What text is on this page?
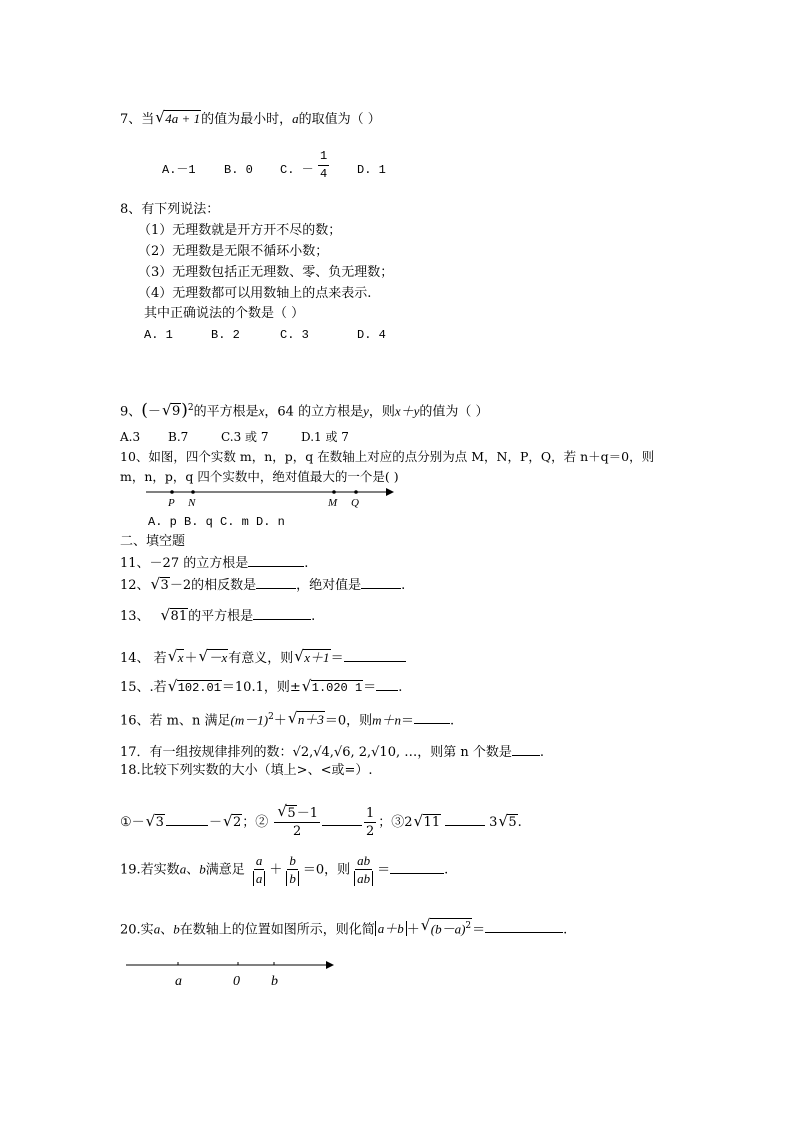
7、当√ 4a + 1的值为最小时，a的取值为（ ）
A.－1 B. 0 C. － $\frac{1}{4} D$. 1
8、有下列说法：
（1）无理数就是开方开不尽的数；
（2）无理数是无限不循环小数；
（3）无理数包括正无理数、零、负无理数；
（4）无理数都可以用数轴上的点来表示.
其中正确说法的个数是（ ）
A. 1	B. 2	C. 3	D. 4
9、(－√ 9)$^2$的平方根是x，64 的立方根是y，则x＋y的值为（ ）
A.3 B.7	C.3 或 7	D.1 或 7
10、如图，四个实数 m，n，p，q 在数轴上对应的点分别为点 M，N，P，Q，若 n＋q＝0，则
m，n，p，q 四个实数中，绝对值最大的一个是( )
P N	M Q
A. p B. q C. m D. n
二、填空题
11、－27 的立方根是	.
12、√ 3－2的相反数是	，绝对值是	.
13、√ 81的平方根是	.
14、 若√ x＋√ －x有意义，则√ x＋1＝
15、.若√ 102.01＝10.1，则±√ 1.020 1＝ .
16、若 m、n 满足$(m-1)^2+√$ n＋3＝0，则m＋n＝	.
17．有一组按规律排列的数：√2,√4,√6, 2,√10, …，则第 n 个数是 .
18.比较下列实数的大小（填上>、<或=）.
①－√ 3	－√ 2；②
√ $\frac{5-1}{2}$	$\frac{1}{2}$ ；③2√ 11	3√ 5.
19.若实数a、b满意足 $\frac{a}{a} + \frac{b}{b} =0$，则 $\frac{ab}{ab}$ ＝	.
20.实a、b在数轴上的位置如图所示，则化简 a＋b ＋√ $(b-a)^2=$	.
a	0 b
